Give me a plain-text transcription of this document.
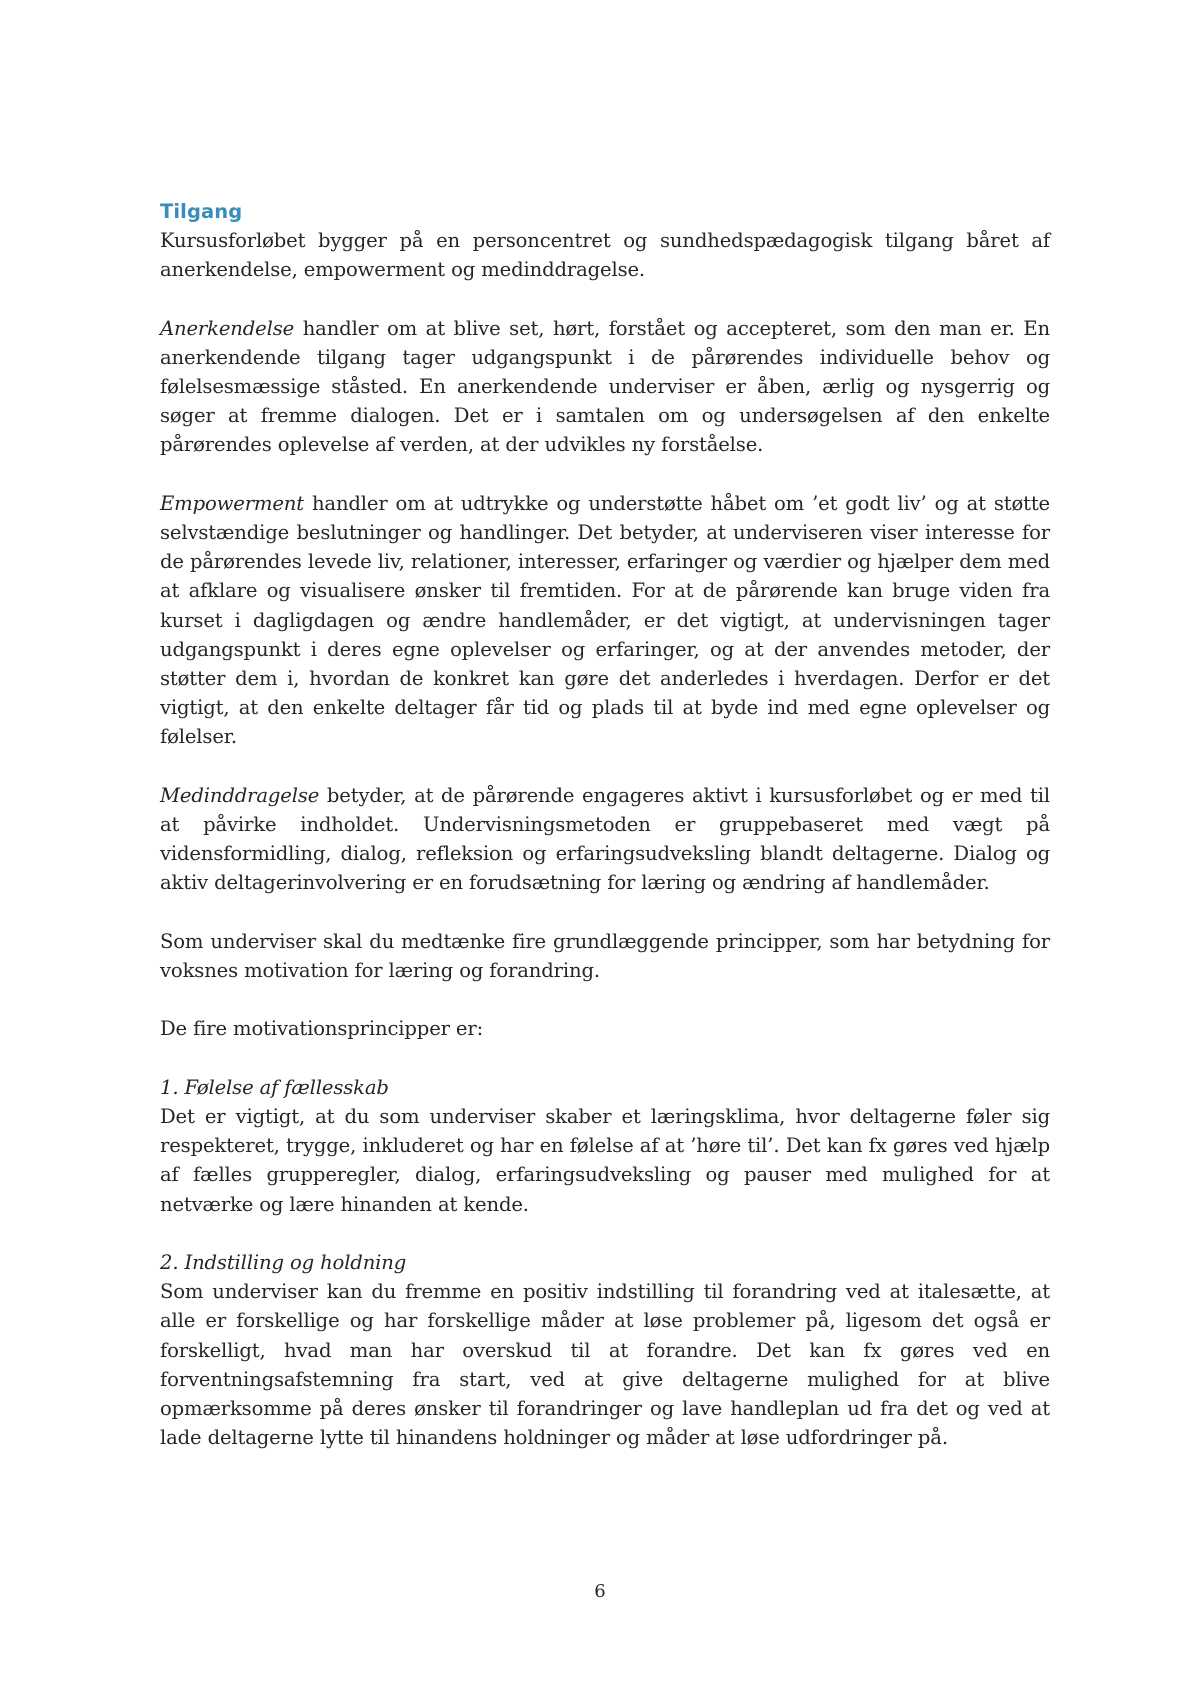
Tilgang

Kursusforløbet bygger på en personcentret og sundhedspædagogisk tilgang båret af anerkendelse, empowerment og medinddragelse.

Anerkendelse handler om at blive set, hørt, forstået og accepteret, som den man er. En anerkendende tilgang tager udgangspunkt i de pårørendes individuelle behov og følelsesmæssige ståsted. En anerkendende underviser er åben, ærlig og nysgerrig og søger at fremme dialogen. Det er i samtalen om og undersøgelsen af den enkelte pårørendes oplevelse af verden, at der udvikles ny forståelse.

Empowerment handler om at udtrykke og understøtte håbet om ’et godt liv’ og at støtte selvstændige beslutninger og handlinger. Det betyder, at underviseren viser interesse for de pårørendes levede liv, relationer, interesser, erfaringer og værdier og hjælper dem med at afklare og visualisere ønsker til fremtiden. For at de pårørende kan bruge viden fra kurset i dagligdagen og ændre handlemåder, er det vigtigt, at undervisningen tager udgangspunkt i deres egne oplevelser og erfaringer, og at der anvendes metoder, der støtter dem i, hvordan de konkret kan gøre det anderledes i hverdagen. Derfor er det vigtigt, at den enkelte deltager får tid og plads til at byde ind med egne oplevelser og følelser.

Medinddragelse betyder, at de pårørende engageres aktivt i kursusforløbet og er med til at påvirke indholdet. Undervisningsmetoden er gruppebaseret med vægt på vidensformidling, dialog, refleksion og erfaringsudveksling blandt deltagerne. Dialog og aktiv deltagerinvolvering er en forudsætning for læring og ændring af handlemåder.

Som underviser skal du medtænke fire grundlæggende principper, som har betydning for voksnes motivation for læring og forandring.

De fire motivationsprincipper er:

1. Følelse af fællesskab

Det er vigtigt, at du som underviser skaber et læringsklima, hvor deltagerne føler sig respekteret, trygge, inkluderet og har en følelse af at ’høre til’. Det kan fx gøres ved hjælp af fælles grupperegler, dialog, erfaringsudveksling og pauser med mulighed for at netværke og lære hinanden at kende.

2. Indstilling og holdning

Som underviser kan du fremme en positiv indstilling til forandring ved at italesætte, at alle er forskellige og har forskellige måder at løse problemer på, ligesom det også er forskelligt, hvad man har overskud til at forandre. Det kan fx gøres ved en forventningsafstemning fra start, ved at give deltagerne mulighed for at blive opmærksomme på deres ønsker til forandringer og lave handleplan ud fra det og ved at lade deltagerne lytte til hinandens holdninger og måder at løse udfordringer på.

6
